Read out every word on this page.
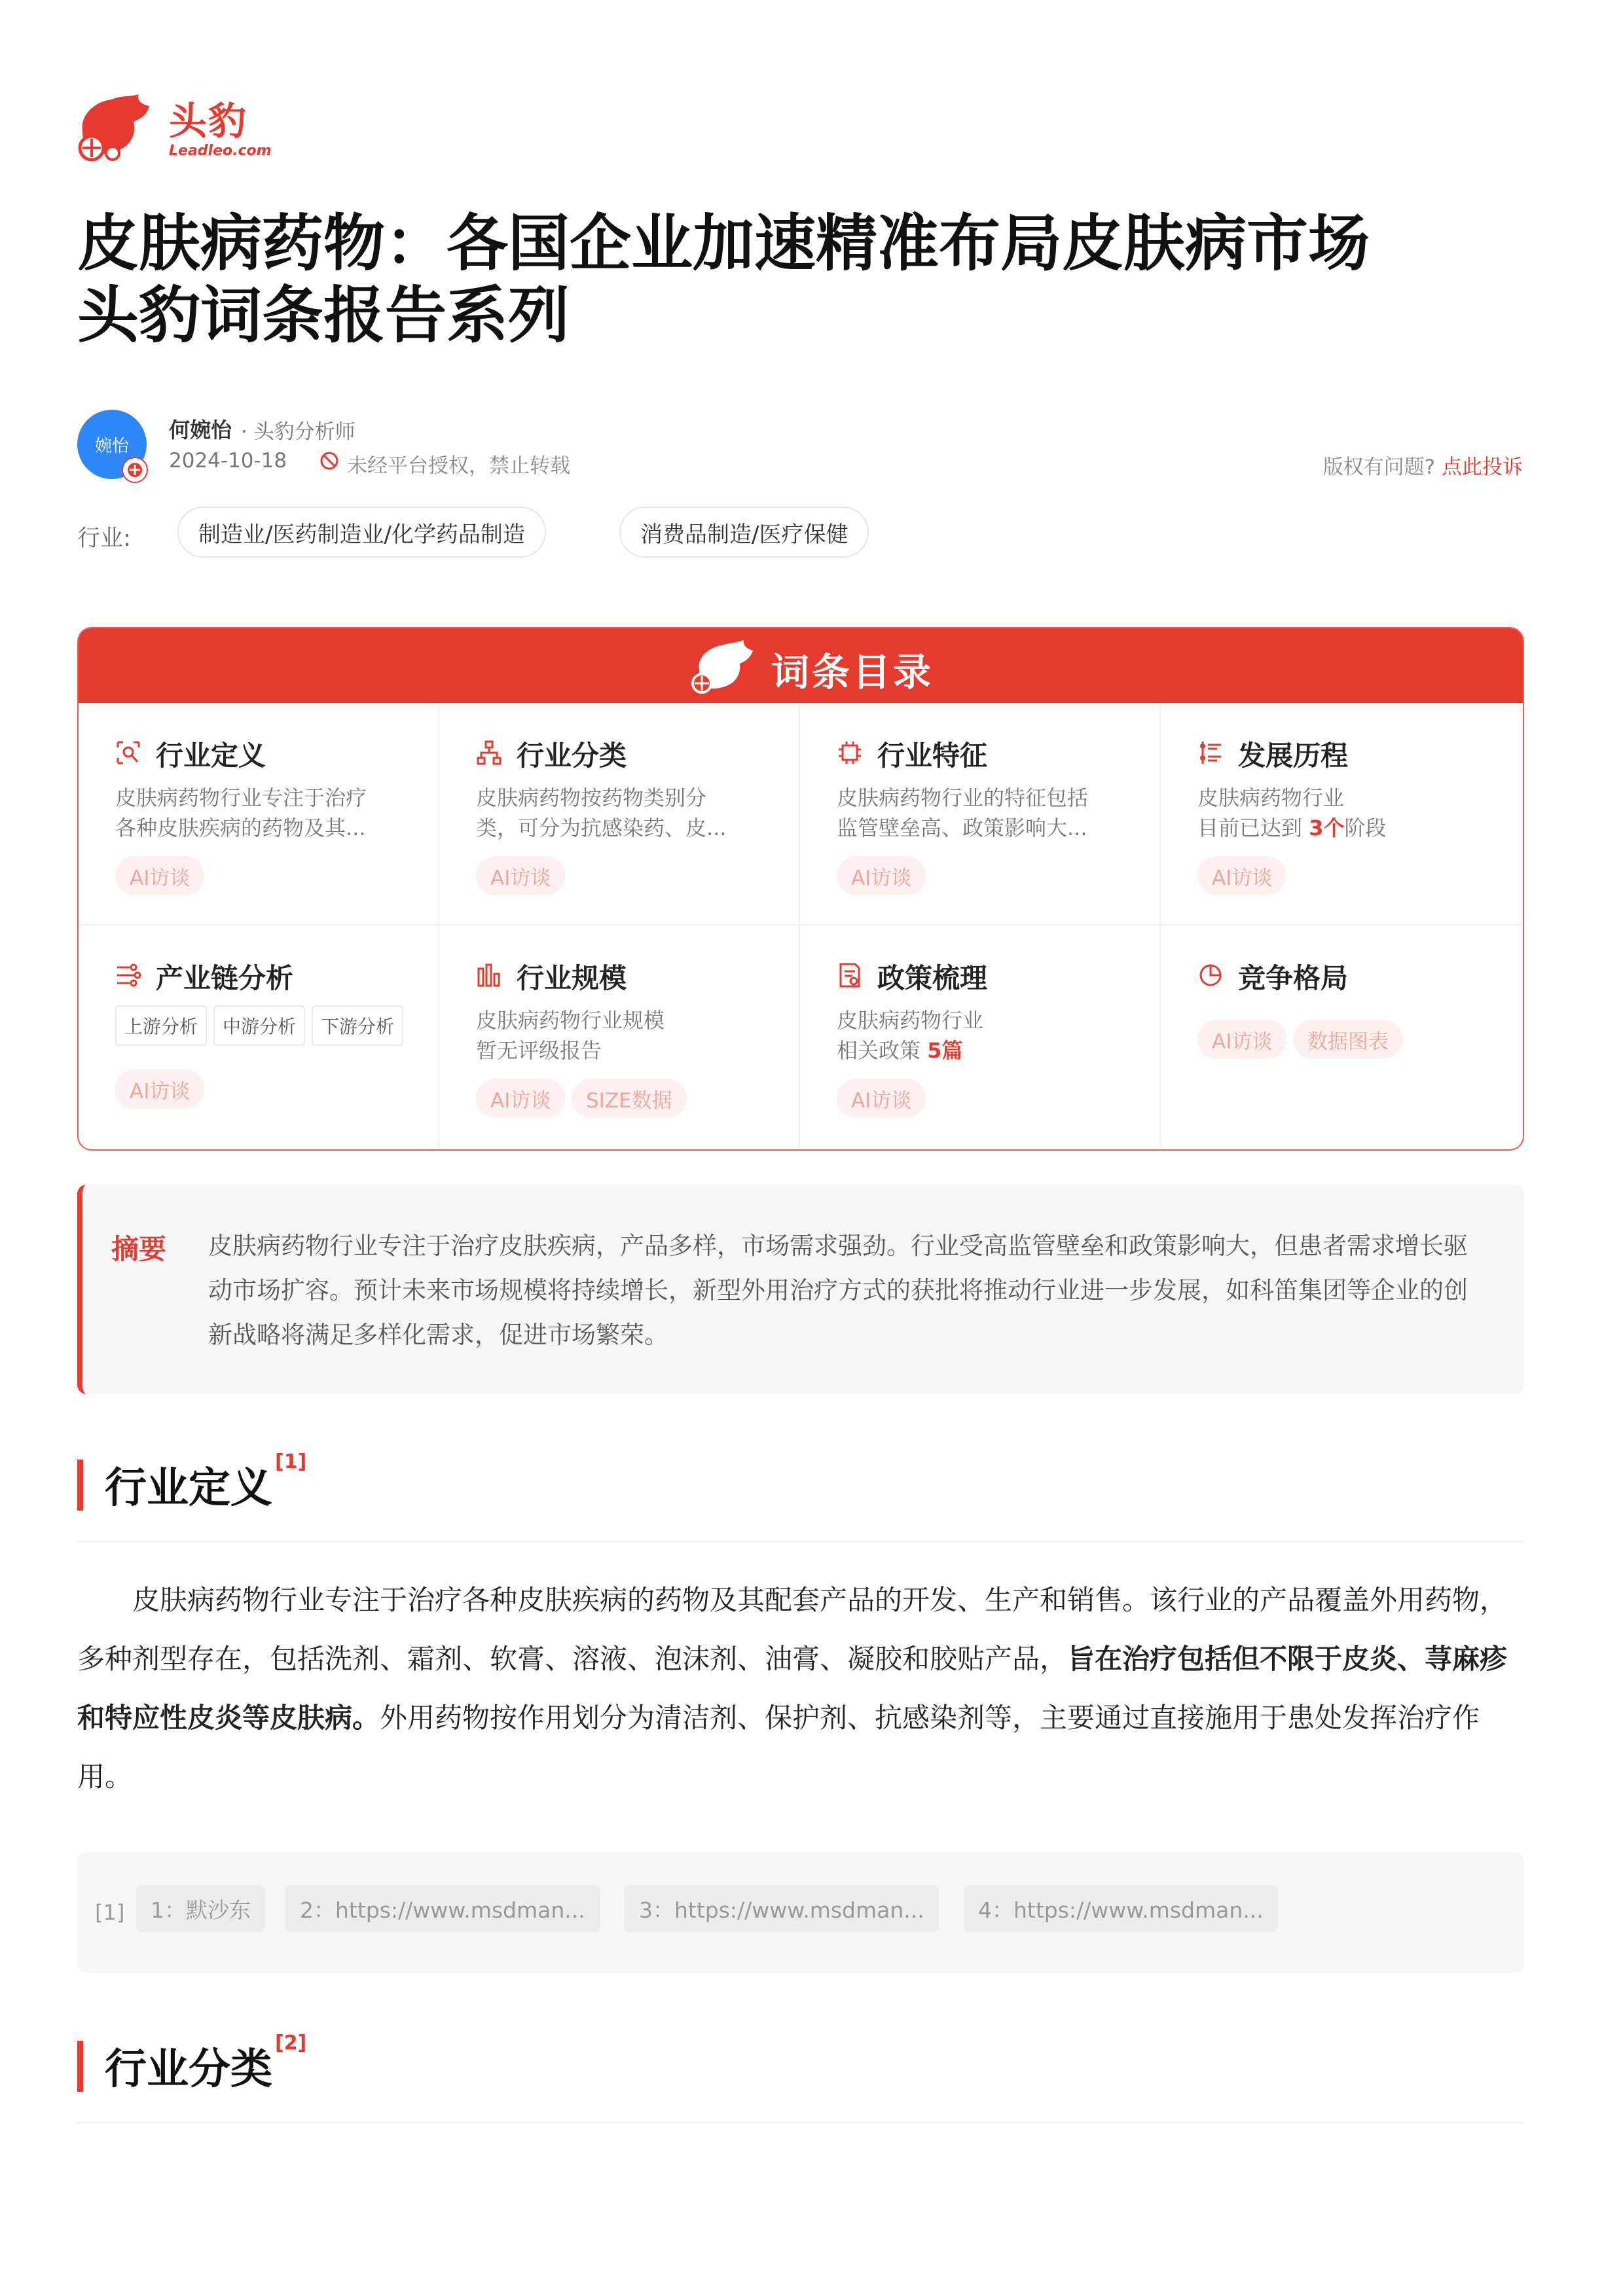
头豹
Leadleo.com
皮肤病药物：各国企业加速精准布局皮肤病市场
头豹词条报告系列
婉怡
何婉怡 · 头豹分析师
2024-10-18	未经平台授权，禁止转载	版权有问题? 点此投诉
行业:	制造业/医药制造业/化学药品制造	消费品制造/医疗保健
词条目录
行业定义
皮肤病药物行业专注于治疗
各种皮肤疾病的药物及其...
AI访谈
行业分类
皮肤病药物按药物类别分
类，可分为抗感染药、皮...
AI访谈
行业特征
皮肤病药物行业的特征包括
监管壁垒高、政策影响大...
AI访谈
发展历程
皮肤病药物行业
目前已达到 3个阶段
AI访谈
产业链分析
上游分析	中游分析	下游分析
AI访谈
行业规模
皮肤病药物行业规模
暂无评级报告
AI访谈	SIZE数据
政策梳理
皮肤病药物行业
相关政策 5篇
AI访谈
竞争格局
AI访谈	数据图表
摘要 皮肤病药物行业专注于治疗皮肤疾病，产品多样，市场需求强劲。行业受高监管壁垒和政策影响大，但患者需求增长驱动市场扩容。预计未来市场规模将持续增长，新型外用治疗方式的获批将推动行业进一步发展，如科笛集团等企业的创新战略将满足多样化需求，促进市场繁荣。
行业定义[1]
皮肤病药物行业专注于治疗各种皮肤疾病的药物及其配套产品的开发、生产和销售。该行业的产品覆盖外用药物，多种剂型存在，包括洗剂、霜剂、软膏、溶液、泡沫剂、油膏、凝胶和胶贴产品，旨在治疗包括但不限于皮炎、荨麻疹和特应性皮炎等皮肤病。外用药物按作用划分为清洁剂、保护剂、抗感染剂等，主要通过直接施用于患处发挥治疗作用。
[1]	1：默沙东	2：https://www.msdman...	3：https://www.msdman...	4：https://www.msdman...
行业分类[2]
